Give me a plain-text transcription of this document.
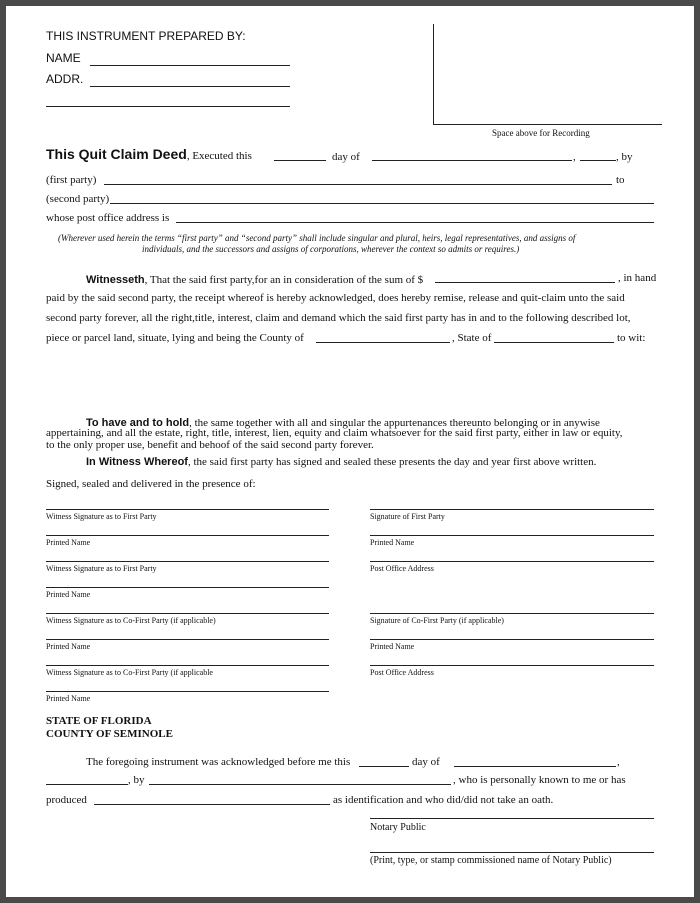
THIS INSTRUMENT PREPARED BY:
NAME
ADDR.
Space above for Recording
This Quit Claim Deed, Executed this	day of	,	, by
(first party)	to
(second party)
whose post office address is
(Wherever used herein the terms “first party” and “second party” shall include singular and plural, heirs, legal representatives, and assigns of
individuals, and the successors and assigns of corporations, wherever the context so admits or requires.)
Witnesseth, That the said first party,for an in consideration of the sum of $	, in hand
paid by the said second party, the receipt whereof is hereby acknowledged, does hereby remise, release and quit-claim unto the said
second party forever, all the right,title, interest, claim and demand which the said first party has in and to the following described lot,
piece or parcel land, situate, lying and being the County of	, State of	to wit:
To have and to hold, the same together with all and singular the appurtenances thereunto belonging or in anywise
appertaining, and all the estate, right, title, interest, lien, equity and claim whatsoever for the said first party, either in law or equity,
to the only proper use, benefit and behoof of the said second party forever.
In Witness Whereof, the said first party has signed and sealed these presents the day and year first above written.
Signed, sealed and delivered in the presence of:
Witness Signature as to First Party
Printed Name
Witness Signature as to First Party
Printed Name
Witness Signature as to Co-First Party (if applicable)
Printed Name
Witness Signature as to Co-First Party (if applicable
Printed Name
Signature of First Party
Printed Name
Post Office Address
Signature of Co-First Party (if applicable)
Printed Name
Post Office Address
STATE OF FLORIDA
COUNTY OF SEMINOLE
The foregoing instrument was acknowledged before me this	day of	,
, by	, who is personally known to me or has
produced	as identification and who did/did not take an oath.
Notary Public
(Print, type, or stamp commissioned name of Notary Public)
